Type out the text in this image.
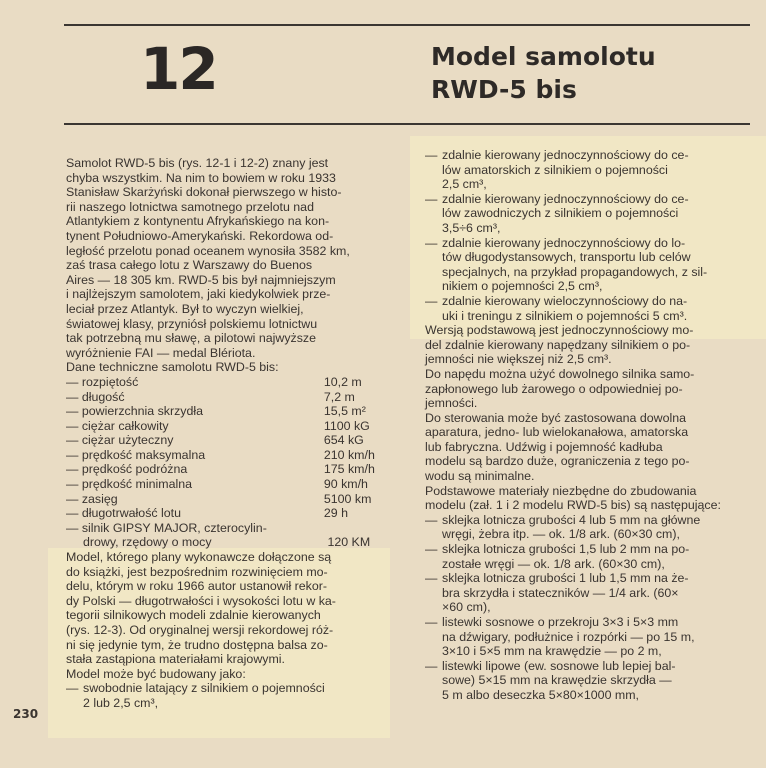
12	Model samolotu
RWD-5 bis
Samolot RWD-5 bis (rys. 12-1 i 12-2) znany jest
chyba wszystkim. Na nim to bowiem w roku 1933
Stanisław Skarżyński dokonał pierwszego w histo-
rii naszego lotnictwa samotnego przelotu nad
Atlantykiem z kontynentu Afrykańskiego na kon-
tynent Południowo-Amerykański. Rekordowa od-
ległość przelotu ponad oceanem wynosiła 3582 km,
zaś trasa całego lotu z Warszawy do Buenos
Aires — 18 305 km. RWD-5 bis był najmniejszym
i najlżejszym samolotem, jaki kiedykolwiek prze-
leciał przez Atlantyk. Był to wyczyn wielkiej,
światowej klasy, przyniósł polskiemu lotnictwu
tak potrzebną mu sławę, a pilotowi najwyższe
wyróżnienie FAI — medal Blériota.
Dane techniczne samolotu RWD-5 bis:
— rozpiętość	10,2 m
— długość	7,2 m
— powierzchnia skrzydła	15,5 m²
— ciężar całkowity	1100 kG
— ciężar użyteczny	654 kG
— prędkość maksymalna	210 km/h
— prędkość podróżna	175 km/h
— prędkość minimalna	90 km/h
— zasięg	5100 km
— długotrwałość lotu	29 h
— silnik GIPSY MAJOR, czterocylin-
drowy, rzędowy o mocy	120 KM
Model, którego plany wykonawcze dołączone są
do książki, jest bezpośrednim rozwinięciem mo-
delu, którym w roku 1966 autor ustanowił rekor-
dy Polski — długotrwałości i wysokości lotu w ka-
tegorii silnikowych modeli zdalnie kierowanych
(rys. 12-3). Od oryginalnej wersji rekordowej róż-
ni się jedynie tym, że trudno dostępna balsa zo-
stała zastąpiona materiałami krajowymi.
Model może być budowany jako:
— swobodnie latający z silnikiem o pojemności
2 lub 2,5 cm³,
— zdalnie kierowany jednoczynnościowy do ce-
lów amatorskich z silnikiem o pojemności
2,5 cm³,
— zdalnie kierowany jednoczynnościowy do ce-
lów zawodniczych z silnikiem o pojemności
3,5÷6 cm³,
— zdalnie kierowany jednoczynnościowy do lo-
tów długodystansowych, transportu lub celów
specjalnych, na przykład propagandowych, z sil-
nikiem o pojemności 2,5 cm³,
— zdalnie kierowany wieloczynnościowy do na-
uki i treningu z silnikiem o pojemności 5 cm³.
Wersją podstawową jest jednoczynnościowy mo-
del zdalnie kierowany napędzany silnikiem o po-
jemności nie większej niż 2,5 cm³.
Do napędu można użyć dowolnego silnika samo-
zapłonowego lub żarowego o odpowiedniej po-
jemności.
Do sterowania może być zastosowana dowolna
aparatura, jedno- lub wielokanałowa, amatorska
lub fabryczna. Udźwig i pojemność kadłuba
modelu są bardzo duże, ograniczenia z tego po-
wodu są minimalne.
Podstawowe materiały niezbędne do zbudowania
modelu (zał. 1 i 2 modelu RWD-5 bis) są następujące:
— sklejka lotnicza grubości 4 lub 5 mm na główne
wręgi, żebra itp. — ok. 1/8 ark. (60×30 cm),
— sklejka lotnicza grubości 1,5 lub 2 mm na po-
zostałe wręgi — ok. 1/8 ark. (60×30 cm),
— sklejka lotnicza grubości 1 lub 1,5 mm na że-
bra skrzydła i stateczników — 1/4 ark. (60×
×60 cm),
— listewki sosnowe o przekroju 3×3 i 5×3 mm
na dźwigary, podłużnice i rozpórki — po 15 m,
3×10 i 5×5 mm na krawędzie — po 2 m,
— listewki lipowe (ew. sosnowe lub lepiej bal-
sowe) 5×15 mm na krawędzie skrzydła —
5 m albo deseczka 5×80×1000 mm,
230
